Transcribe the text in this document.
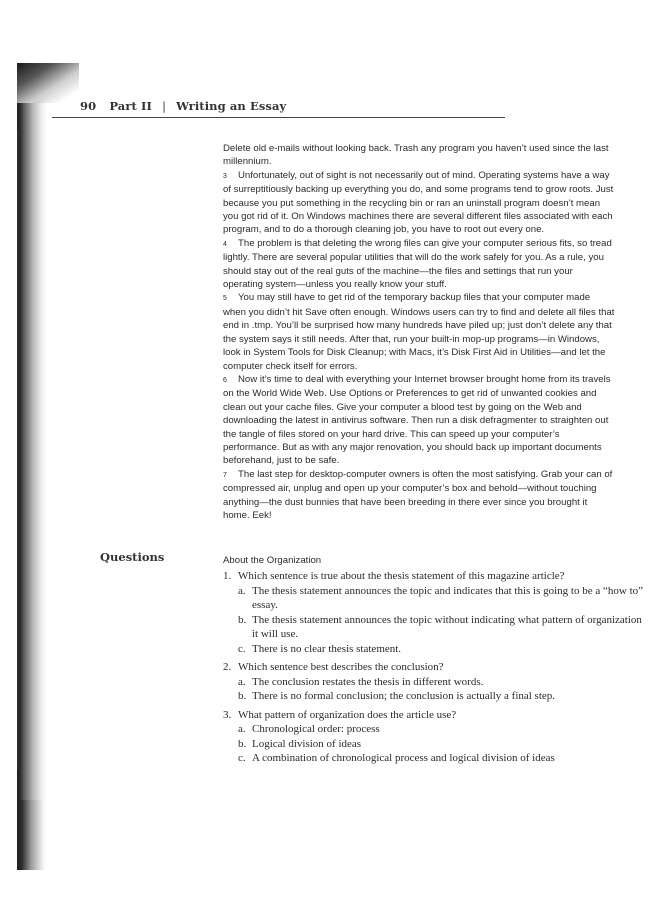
90 Part II | Writing an Essay

Delete old e-mails without looking back. Trash any program you haven’t used since the last millennium.

3 Unfortunately, out of sight is not necessarily out of mind. Operating systems have a way of surreptitiously backing up everything you do, and some programs tend to grow roots. Just because you put something in the recycling bin or ran an uninstall program doesn’t mean you got rid of it. On Windows machines there are several different files associated with each program, and to do a thorough cleaning job, you have to root out every one.

4 The problem is that deleting the wrong files can give your computer serious fits, so tread lightly. There are several popular utilities that will do the work safely for you. As a rule, you should stay out of the real guts of the machine—the files and settings that run your operating system—unless you really know your stuff.

5 You may still have to get rid of the temporary backup files that your computer made when you didn’t hit Save often enough. Windows users can try to find and delete all files that end in .tmp. You’ll be surprised how many hundreds have piled up; just don’t delete any that the system says it still needs. After that, run your built-in mop-up programs—in Windows, look in System Tools for Disk Cleanup; with Macs, it’s Disk First Aid in Utilities—and let the computer check itself for errors.

6 Now it’s time to deal with everything your Internet browser brought home from its travels on the World Wide Web. Use Options or Preferences to get rid of unwanted cookies and clean out your cache files. Give your computer a blood test by going on the Web and downloading the latest in antivirus software. Then run a disk defragmenter to straighten out the tangle of files stored on your hard drive. This can speed up your computer’s performance. But as with any major renovation, you should back up important documents beforehand, just to be safe.

7 The last step for desktop-computer owners is often the most satisfying. Grab your can of compressed air, unplug and open up your computer’s box and behold—without touching anything—the dust bunnies that have been breeding in there ever since you brought it home. Eek!

Questions	About the Organization
1. Which sentence is true about the thesis statement of this magazine article?
a. The thesis statement announces the topic and indicates that this is going to be a “how to” essay.
b. The thesis statement announces the topic without indicating what pattern of organization it will use.
c. There is no clear thesis statement.
2. Which sentence best describes the conclusion?
a. The conclusion restates the thesis in different words.
b. There is no formal conclusion; the conclusion is actually a final step.
3. What pattern of organization does the article use?
a. Chronological order: process
b. Logical division of ideas
c. A combination of chronological process and logical division of ideas
